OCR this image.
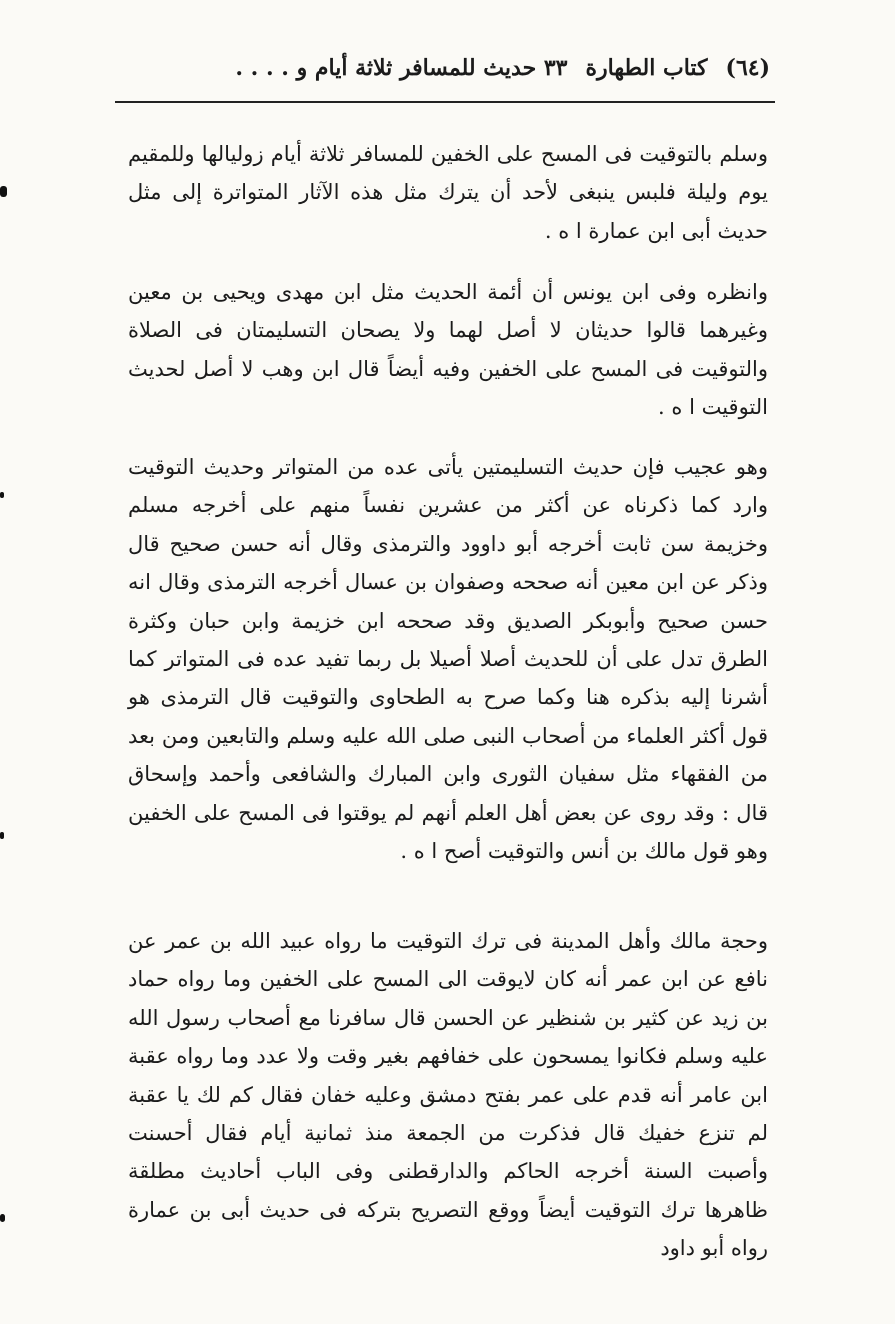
(٦٤)
كتاب الطهارة
٣٣ حديث للمسافر ثلاثة أيام و . . . .
وسلم بالتوقيت فى المسح على الخفين للمسافر ثلاثة أيام زوليالها وللمقيم يوم وليلة فلبس ينبغى لأحد أن يترك مثل هذه الآثار المتواترة إلى مثل حديث أبى ابن عمارة ا ه .
وانظره وفى ابن يونس أن أئمة الحديث مثل ابن مهدى ويحيى بن معين وغيرهما قالوا حديثان لا أصل لهما ولا يصحان التسليمتان فى الصلاة والتوقيت فى المسح على الخفين وفيه أيضاً قال ابن وهب لا أصل لحديث التوقيت ا ه .
وهو عجيب فإن حديث التسليمتين يأتى عده من المتواتر وحديث التوقيت وارد كما ذكرناه عن أكثر من عشرين نفساً منهم على أخرجه مسلم وخزيمة سن ثابت أخرجه أبو داوود والترمذى وقال أنه حسن صحيح قال وذكر عن ابن معين أنه صححه وصفوان بن عسال أخرجه الترمذى وقال انه حسن صحيح وأبوبكر الصديق وقد صححه ابن خزيمة وابن حبان وكثرة الطرق تدل على أن للحديث أصلا أصيلا بل ربما تفيد عده فى المتواتر كما أشرنا إليه بذكره هنا وكما صرح به الطحاوى والتوقيت قال الترمذى هو قول أكثر العلماء من أصحاب النبى صلى الله عليه وسلم والتابعين ومن بعد من الفقهاء مثل سفيان الثورى وابن المبارك والشافعى وأحمد وإسحاق قال : وقد روى عن بعض أهل العلم أنهم لم يوقتوا فى المسح على الخفين وهو قول مالك بن أنس والتوقيت أصح ا ه .
وحجة مالك وأهل المدينة فى ترك التوقيت ما رواه عبيد الله بن عمر عن نافع عن ابن عمر أنه كان لايوقت الى المسح على الخفين وما رواه حماد بن زيد عن كثير بن شنظير عن الحسن قال سافرنا مع أصحاب رسول الله عليه وسلم فكانوا يمسحون على خفافهم بغير وقت ولا عدد وما رواه عقبة ابن عامر أنه قدم على عمر بفتح دمشق وعليه خفان فقال كم لك يا عقبة لم تنزع خفيك قال فذكرت من الجمعة منذ ثمانية أيام فقال أحسنت وأصبت السنة أخرجه الحاكم والدارقطنى وفى الباب أحاديث مطلقة ظاهرها ترك التوقيت أيضاً ووقع التصريح بتركه فى حديث أبى بن عمارة رواه أبو داود
